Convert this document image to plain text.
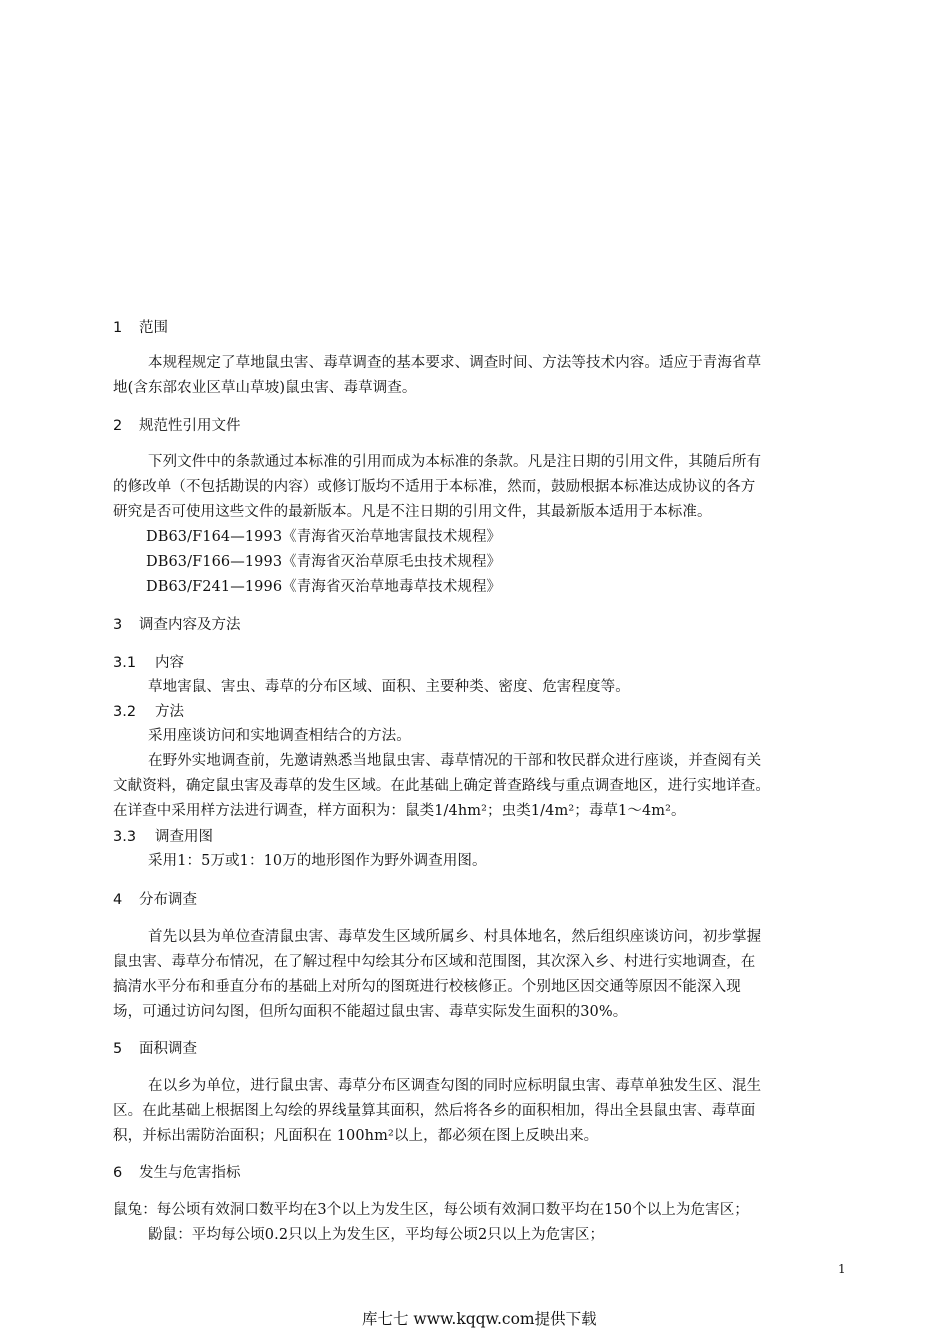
1 范围
本规程规定了草地鼠虫害、毒草调查的基本要求、调查时间、方法等技术内容。适应于青海省草
地(含东部农业区草山草坡)鼠虫害、毒草调查。
2 规范性引用文件
下列文件中的条款通过本标准的引用而成为本标准的条款。凡是注日期的引用文件，其随后所有
的修改单（不包括勘误的内容）或修订版均不适用于本标准，然而，鼓励根据本标准达成协议的各方
研究是否可使用这些文件的最新版本。凡是不注日期的引用文件，其最新版本适用于本标准。
DB63/F164—1993《青海省灭治草地害鼠技术规程》
DB63/F166—1993《青海省灭治草原毛虫技术规程》
DB63/F241—1996《青海省灭治草地毒草技术规程》
3 调查内容及方法
3.1 内容
草地害鼠、害虫、毒草的分布区域、面积、主要种类、密度、危害程度等。
3.2 方法
采用座谈访问和实地调查相结合的方法。
在野外实地调查前，先邀请熟悉当地鼠虫害、毒草情况的干部和牧民群众进行座谈，并查阅有关
文献资料，确定鼠虫害及毒草的发生区域。在此基础上确定普查路线与重点调查地区，进行实地详查。
在详查中采用样方法进行调查，样方面积为：鼠类1/4hm²；虫类1/4m²；毒草1～4m²。
3.3 调查用图
采用1：5万或1：10万的地形图作为野外调查用图。
4 分布调查
首先以县为单位查清鼠虫害、毒草发生区域所属乡、村具体地名，然后组织座谈访问，初步掌握
鼠虫害、毒草分布情况，在了解过程中勾绘其分布区域和范围图，其次深入乡、村进行实地调查，在
搞清水平分布和垂直分布的基础上对所勾的图斑进行校核修正。个别地区因交通等原因不能深入现
场，可通过访问勾图，但所勾面积不能超过鼠虫害、毒草实际发生面积的30%。
5 面积调查
在以乡为单位，进行鼠虫害、毒草分布区调查勾图的同时应标明鼠虫害、毒草单独发生区、混生
区。在此基础上根据图上勾绘的界线量算其面积，然后将各乡的面积相加，得出全县鼠虫害、毒草面
积，并标出需防治面积；凡面积在 100hm²以上，都必须在图上反映出来。
6 发生与危害指标
鼠兔：每公顷有效洞口数平均在3个以上为发生区，每公顷有效洞口数平均在150个以上为危害区；
鼢鼠：平均每公顷0.2只以上为发生区，平均每公顷2只以上为危害区；
1
库七七 www.kqqw.com提供下载
